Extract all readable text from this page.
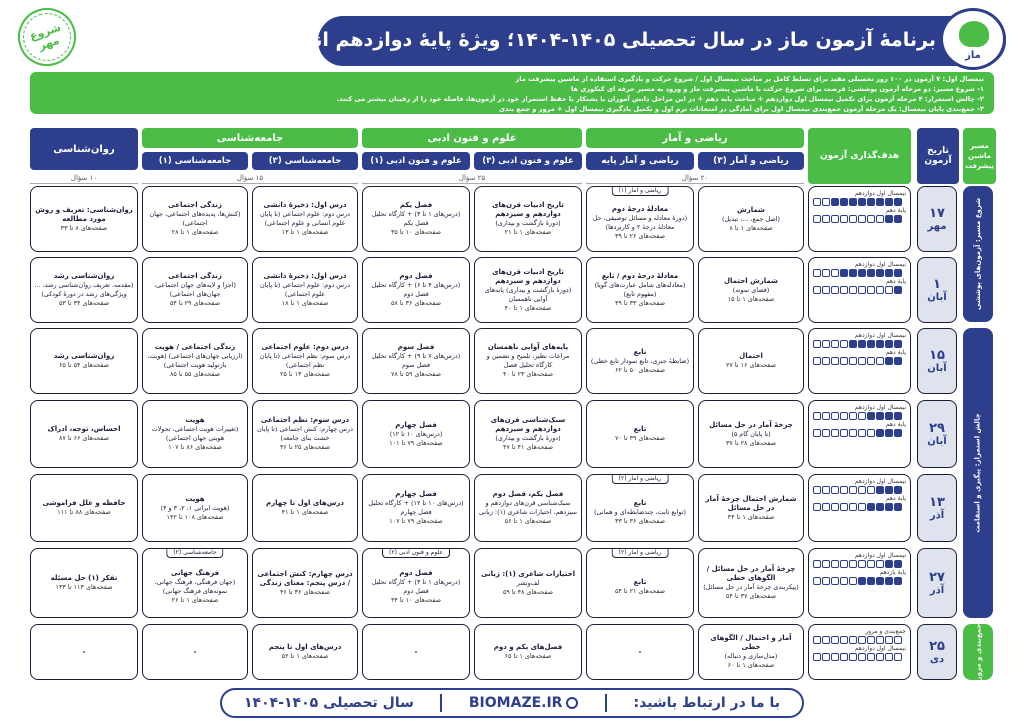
شروع مهر	برنامۀ آزمون ماز در سال تحصیلی ۱۴۰۵-۱۴۰۴؛ ویژۀ پایۀ دوازدهم انسانی
ماز
نیمسال اول: ۷ آزمون در ۱۰۰ روز تحصیلی مفید برای تسلط کامل بر مباحث نیمسال اول / شروع حرکت و یادگیری استفاده از ماشین پیشرفت ماز
۱- شروع مسیر: دو مرحله آزمون پوششی: فرصت برای شروع حرکت با ماشین پیشرفت ماز و ورود به مسیر حرفه ای کنکوری ها
۲- چالش استمرار: ۴ مرحله آزمون برای تکمیل نیمسال اول دوازدهم + مباحث پایه دهم + در این مراحل دانش آموزان با پشتکار با حفظ استمرار خود در آزمون‌ها، فاصله خود را از رقیبان بیشتر می کنند.
۳- جمع‌بندی پایان نیمسال: یک مرحله آزمون جمع‌بندی نیمسال اول برای آمادگی در امتحانات ترم اول و تکمیل یادگیری نیمسال اول + مرور و جمع بندی
مسیر ماشین پیشرفت
تاریخ آزمون
هدف‌گذاری آزمون
ریاضی و آمار
ریاضی و آمار (۳)
ریاضی و آمار پایه
۲۰ سؤال
علوم و فنون ادبی
علوم و فنون ادبی (۳)
علوم و فنون ادبی (۱)
۲۵ سؤال
جامعه‌شناسی
جامعه‌شناسی (۳)
جامعه‌شناسی (۱)
۱۵ سؤال
روان‌شناسی
۱۰ سؤال
شروع مسیر: آزمون‌های پوششی
چالش استمرار: پیگیری و استقامت
جمع‌بندی و مرور
۱۷
مهر
نیمسال اول دوازدهم
پایۀ دهم
شمارش
(اصل جمع، ...، تبدیل)
صفحه‌های ۱ تا ۸
ریاضی و آمار (۱)
معادلۀ درجۀ دوم
(دورۀ معادله و مسائل توصیفی، حل معادلۀ درجۀ ۲ و کاربردها)
صفحه‌های ۲۶ تا ۳۹
تاریخ ادبیات قرن‌های دوازدهم و سیزدهم
(دورۀ بازگشت و بیداری)
صفحه‌های ۱ تا ۲۱
فصل یکم
(درس‌های ۱ تا ۳) + کارگاه تحلیل فصل یکم
صفحه‌های ۱۰ تا ۳۵
درس اول: ذخیرۀ دانشی
درس دوم: علوم اجتماعی (تا پایان علوم انسانی و علوم اجتماعی)
صفحه‌های ۱ تا ۱۳
زندگی اجتماعی
(کنش‌ها، پدیده‌های اجتماعی، جهان اجتماعی)
صفحه‌های ۱ تا ۲۸
روان‌شناسی: تعریف و روش مورد مطالعه
صفحه‌های ۸ تا ۳۳
۱
آبان
نیمسال اول دوازدهم
پایۀ دهم
شمارش احتمال
(فضای نمونه)
صفحه‌های ۱ تا ۱۵
معادلۀ درجۀ دوم / تابع
(معادله‌های شامل عبارت‌های گویا) (مفهوم تابع)
صفحه‌های ۳۳ تا ۴۹
تاریخ ادبیات قرن‌های دوازدهم و سیزدهم
(دورۀ بازگشت و بیداری) پایه‌های آوایی ناهمسان
صفحه‌های ۱ تا ۴۰
فصل دوم
(درس‌های ۴ تا ۶) + کارگاه تحلیل فصل دوم
صفحه‌های ۳۶ تا ۵۸
درس اول: ذخیرۀ دانشی
درس دوم: علوم اجتماعی (تا پایان علوم اجتماعی)
صفحه‌های ۱ تا ۱۸
زندگی اجتماعی
(اجزا و لایه‌های جهان اجتماعی، جهان‌های اجتماعی)
صفحه‌های ۲۹ تا ۵۴
روان‌شناسی رشد
(مقدمه، تعریف روان‌شناسی رشد، ... ویژگی‌های رشد در دورۀ کودکی)
صفحه‌های ۳۴ تا ۵۳
۱۵
آبان
نیمسال اول دوازدهم
پایۀ دهم
احتمال
صفحه‌های ۱۶ تا ۲۷
تابع
(ضابطۀ جبری، تابع نمودار تابع خطی)
صفحه‌های ۵۰ تا ۶۲
پایه‌های آوایی ناهمسان
مراعات نظیر، تلمیح و تضمین و کارگاه تحلیل فصل
صفحه‌های ۲۳ تا ۴۰
فصل سوم
(درس‌های ۷ تا ۹) + کارگاه تحلیل فصل سوم
صفحه‌های ۵۹ تا ۷۸
درس دوم: علوم اجتماعی
درس سوم: نظم اجتماعی (تا پایان نظم اجتماعی)
صفحه‌های ۱۳ تا ۲۵
زندگی اجتماعی / هویت
(ارزیابی جهان‌های اجتماعی) (هویت، بازتولید هویت اجتماعی)
صفحه‌های ۵۵ تا ۸۵
روان‌شناسی رشد
صفحه‌های ۵۴ تا ۶۵
۲۹
آبان
نیمسال اول دوازدهم
پایۀ دهم
چرخۀ آمار در حل مسائل
(تا پایان گام ۵)
صفحه‌های ۲۸ تا ۳۷
تابع
صفحه‌های ۳۹ تا ۷۰
سبک‌شناسی قرن‌های دوازدهم و سیزدهم
(دورۀ بازگشت و بیداری)
صفحه‌های ۴۱ تا ۴۷
فصل چهارم
(درس‌های ۱۰ تا ۱۲)
صفحه‌های ۷۹ تا ۱۰۱
درس سوم: نظم اجتماعی
درس چهارم: کنش اجتماعی (تا پایان خشت بنای جامعه)
صفحه‌های ۲۵ تا ۳۶
هویت
(تغییرات هویت اجتماعی، تحولات هویتی جهان اجتماعی)
صفحه‌های ۸۶ تا ۱۰۷
احساس، توجه، ادراک
صفحه‌های ۶۶ تا ۸۷
۱۳
آذر
نیمسال اول دوازدهم
پایۀ دهم
شمارش احتمال چرخۀ آمار در حل مسائل
صفحه‌های ۱ تا ۴۴
ریاضی و آمار (۲)
تابع
(توابع ثابت، چندضابطه‌ای و همانی)
صفحه‌های ۳۶ تا ۳۳
فصل یکم، فصل دوم
سبک‌شناسی قرن‌های دوازدهم و سیزدهم، اختیارات شاعری (۱): زبانی
صفحه‌های ۱ تا ۵۶
فصل چهارم
(درس‌های ۱۰ تا ۱۲) + کارگاه تحلیل فصل چهارم
صفحه‌های ۷۹ تا ۱۰۷
درس‌های اول تا چهارم
صفحه‌های ۱ تا ۴۱
هویت
(هویت ایرانی ۱، ۲، ۳ و ۴)
صفحه‌های ۱۰۸ تا ۱۴۲
حافظه و علل فراموشی
صفحه‌های ۸۸ تا ۱۱۱
۲۷
آذر
نیمسال اول دوازدهم
پایۀ یازدهم
چرخۀ آمار در حل مسائل / الگوهای خطی
(پیکربندی چرخۀ آمار در حل مسائل)
صفحه‌های ۳۷ تا ۵۴
ریاضی و آمار (۲)
تابع
صفحه‌های ۲۱ تا ۵۴
اختیارات شاعری (۱): زبانی
لف‌ونشر
صفحه‌های ۴۸ تا ۵۹
علوم و فنون ادبی (۲)
فصل دوم
(درس‌های ۱ تا ۳) + کارگاه تحلیل فصل دوم
صفحه‌های ۱۰ تا ۳۴
درس چهارم: کنش اجتماعی / درس پنجم: معنای زندگی
صفحه‌های ۳۶ تا ۴۶
جامعه‌شناسی (۲)
فرهنگ جهانی
(جهان فرهنگی، فرهنگ جهانی، نمونه‌های فرهنگ جهانی)
صفحه‌های ۱ تا ۲۶
تفکر (۱) حل مسئله
صفحه‌های ۱۱۳ تا ۱۳۳
۲۵
دی
جمع‌بندی و مرور
نیمسال اول دوازدهم
آمار و احتمال / الگوهای خطی
(مدل‌سازی و دنباله)
صفحه‌های ۱ تا ۶۰
-
فصل‌های یکم و دوم
صفحه‌های ۱ تا ۶۵
-
درس‌های اول تا پنجم
صفحه‌های ۱ تا ۵۲
-
-
با ما در ارتباط باشید:
BIOMAZE.IR
سال تحصیلی ۱۴۰۵-۱۴۰۴
